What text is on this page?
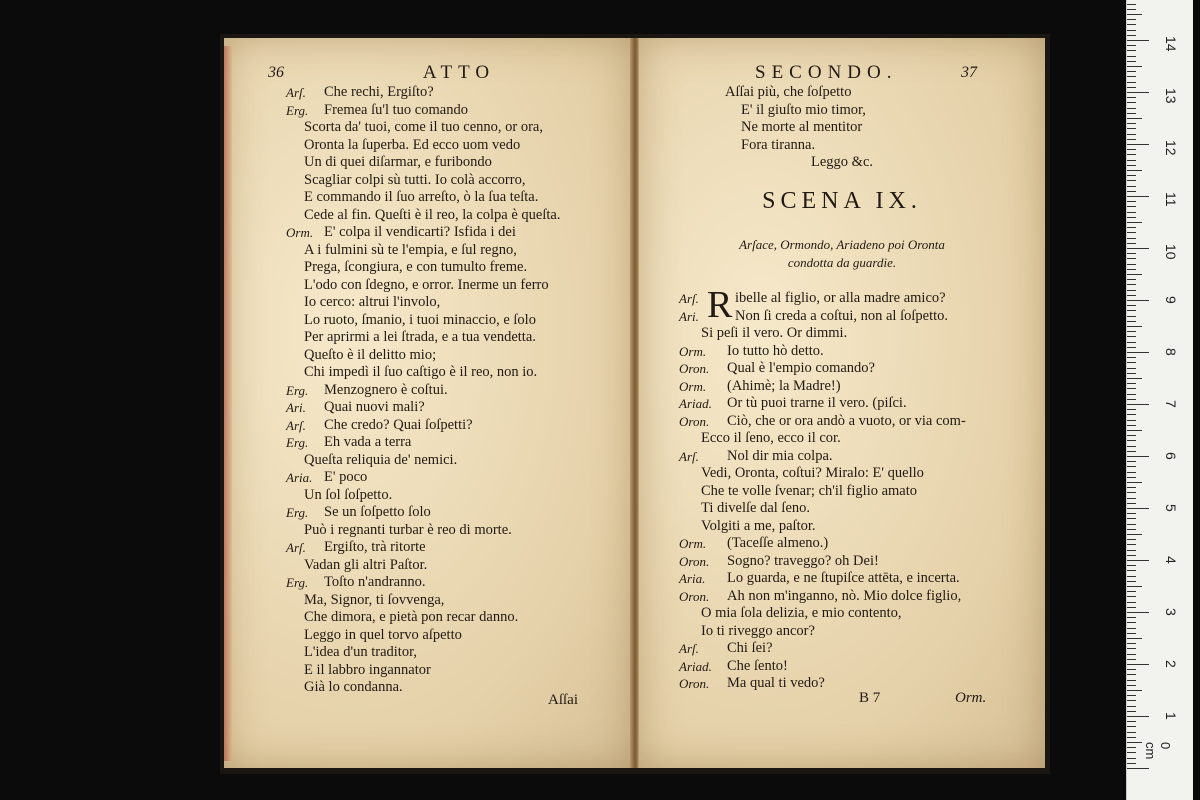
36	ATTO
Arſ. Che rechi, Ergiſto?
Erg. Fremea ſu'l tuo comando
Scorta da' tuoi, come il tuo cenno, or ora,
Oronta la ſuperba. Ed ecco uom vedo
Un di quei diſarmar, e furibondo
Scagliar colpi sù tutti. Io colà accorro,
E commando il ſuo arreſto, ò la ſua teſta.
Cede al fin. Queſti è il reo, la colpa è queſta.
Orm. E' colpa il vendicarti? Isfida i dei
A i fulmini sù te l'empia, e ſul regno,
Prega, ſcongiura, e con tumulto freme.
L'odo con ſdegno, e orror. Inerme un ferro
Io cerco: altrui l'involo,
Lo ruoto, ſmanio, i tuoi minaccio, e ſolo
Per aprirmi a lei ſtrada, e a tua vendetta.
Queſto è il delitto mio;
Chi impedì il ſuo caſtigo è il reo, non io.
Erg. Menzognero è coſtui.
Ari. Quai nuovi mali?
Arſ. Che credo? Quai ſoſpetti?
Erg. Eh vada a terra
Queſta reliquia de' nemici.
Aria. E' poco
Un ſol ſoſpetto.
Erg. Se un ſoſpetto ſolo
Può i regnanti turbar è reo di morte.
Arſ. Ergiſto, trà ritorte
Vadan gli altri Paſtor.
Erg. Toſto n'andranno.
Ma, Signor, ti ſovvenga,
Che dimora, e pietà pon recar danno.
Leggo in quel torvo aſpetto
L'idea d'un traditor,
E il labbro ingannator
Già lo condanna.
Aſſai
SECONDO.	37
Aſſai più, che ſoſpetto
E' il giuſto mio timor,
Ne morte al mentitor
Fora tiranna.
Leggo &c.
SCENA IX.
Arſace, Ormondo, Ariadeno poi Oronta
condotta da guardie.
R
Arſ. ibelle al figlio, or alla madre amico?
Ari. Non ſi creda a coſtui, non al ſoſpetto.
Si peſi il vero. Or dimmi.
Orm. Io tutto hò detto.
Oron. Qual è l'empio comando?
Orm. (Ahimè; la Madre!)
Ariad. Or tù puoi trarne il vero. (piſci.
Oron. Ciò, che or ora andò a vuoto, or via com-
Ecco il ſeno, ecco il cor.
Arſ. Nol dir mia colpa.
Vedi, Oronta, coſtui? Miralo: E' quello
Che te volle ſvenar; ch'il figlio amato
Ti divelſe dal ſeno.
Volgiti a me, paſtor.
Orm. (Taceſſe almeno.)
Oron. Sogno? traveggo? oh Dei!
Aria. Lo guarda, e ne ſtupiſce attēta, e incerta.
Oron. Ah non m'inganno, nò. Mio dolce figlio,
O mia ſola delizia, e mio contento,
Io ti riveggo ancor?
Arſ. Chi ſei?
Ariad. Che ſento!
Oron. Ma qual ti vedo?
B 7	Orm.
0 cm
1
2
3
4
5
6
7
8
9
10
11
12
13
14
